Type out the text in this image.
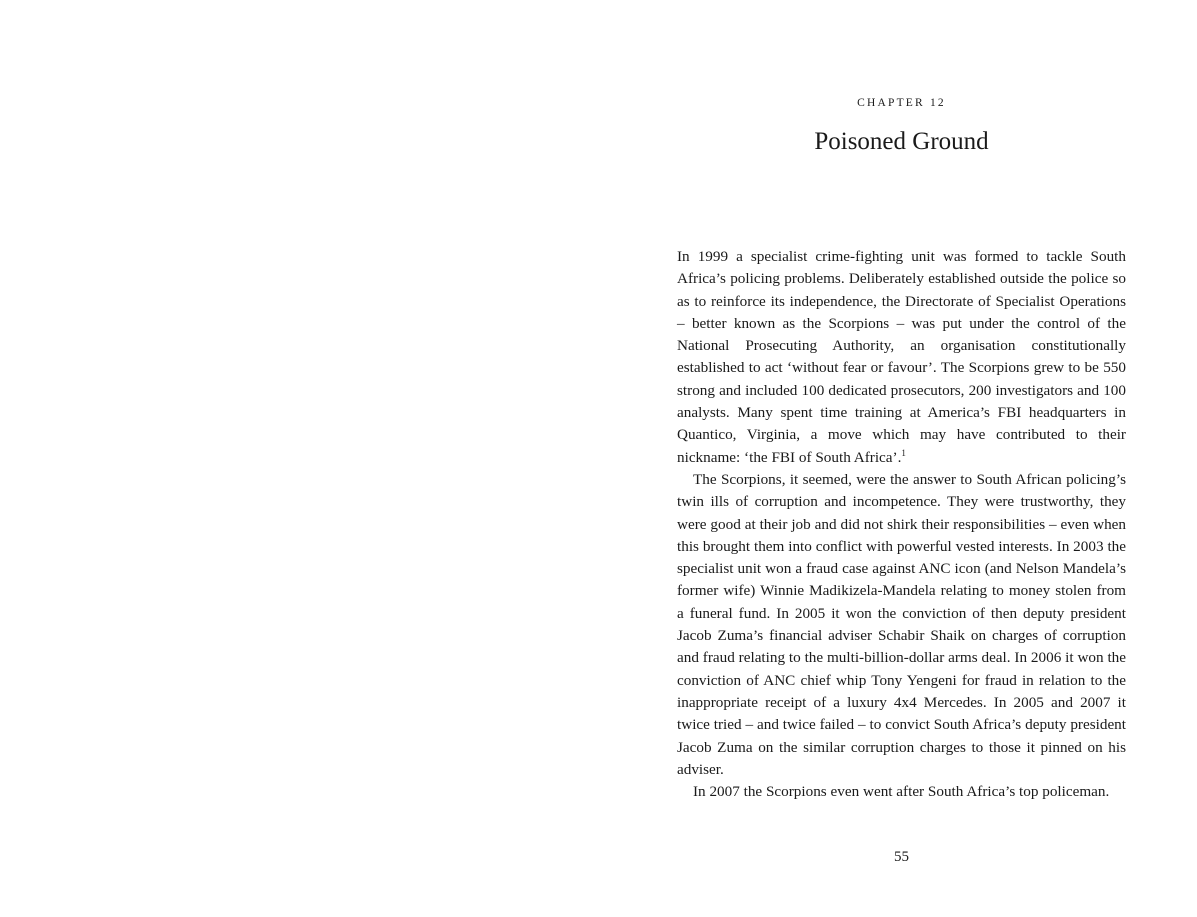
CHAPTER 12
Poisoned Ground

In 1999 a specialist crime-fighting unit was formed to tackle South Africa’s policing problems. Deliberately established outside the police so as to reinforce its independence, the Directorate of Specialist Operations – better known as the Scorpions – was put under the control of the National Prosecuting Authority, an organisation constitutionally established to act ‘without fear or favour’. The Scorpions grew to be 550 strong and included 100 dedicated prosecutors, 200 investigators and 100 analysts. Many spent time training at America’s FBI headquarters in Quantico, Virginia, a move which may have contributed to their nickname: ‘the FBI of South Africa’.$^1$

The Scorpions, it seemed, were the answer to South African policing’s twin ills of corruption and incompetence. They were trustworthy, they were good at their job and did not shirk their responsibilities – even when this brought them into conflict with powerful vested interests. In 2003 the specialist unit won a fraud case against ANC icon (and Nelson Mandela’s former wife) Winnie Madikizela-Mandela relating to money stolen from a funeral fund. In 2005 it won the conviction of then deputy president Jacob Zuma’s financial adviser Schabir Shaik on charges of corruption and fraud relating to the multi-billion-dollar arms deal. In 2006 it won the conviction of ANC chief whip Tony Yengeni for fraud in relation to the inappropriate receipt of a luxury 4x4 Mercedes. In 2005 and 2007 it twice tried – and twice failed – to convict South Africa’s deputy president Jacob Zuma on the similar corruption charges to those it pinned on his adviser.

In 2007 the Scorpions even went after South Africa’s top policeman.

55
